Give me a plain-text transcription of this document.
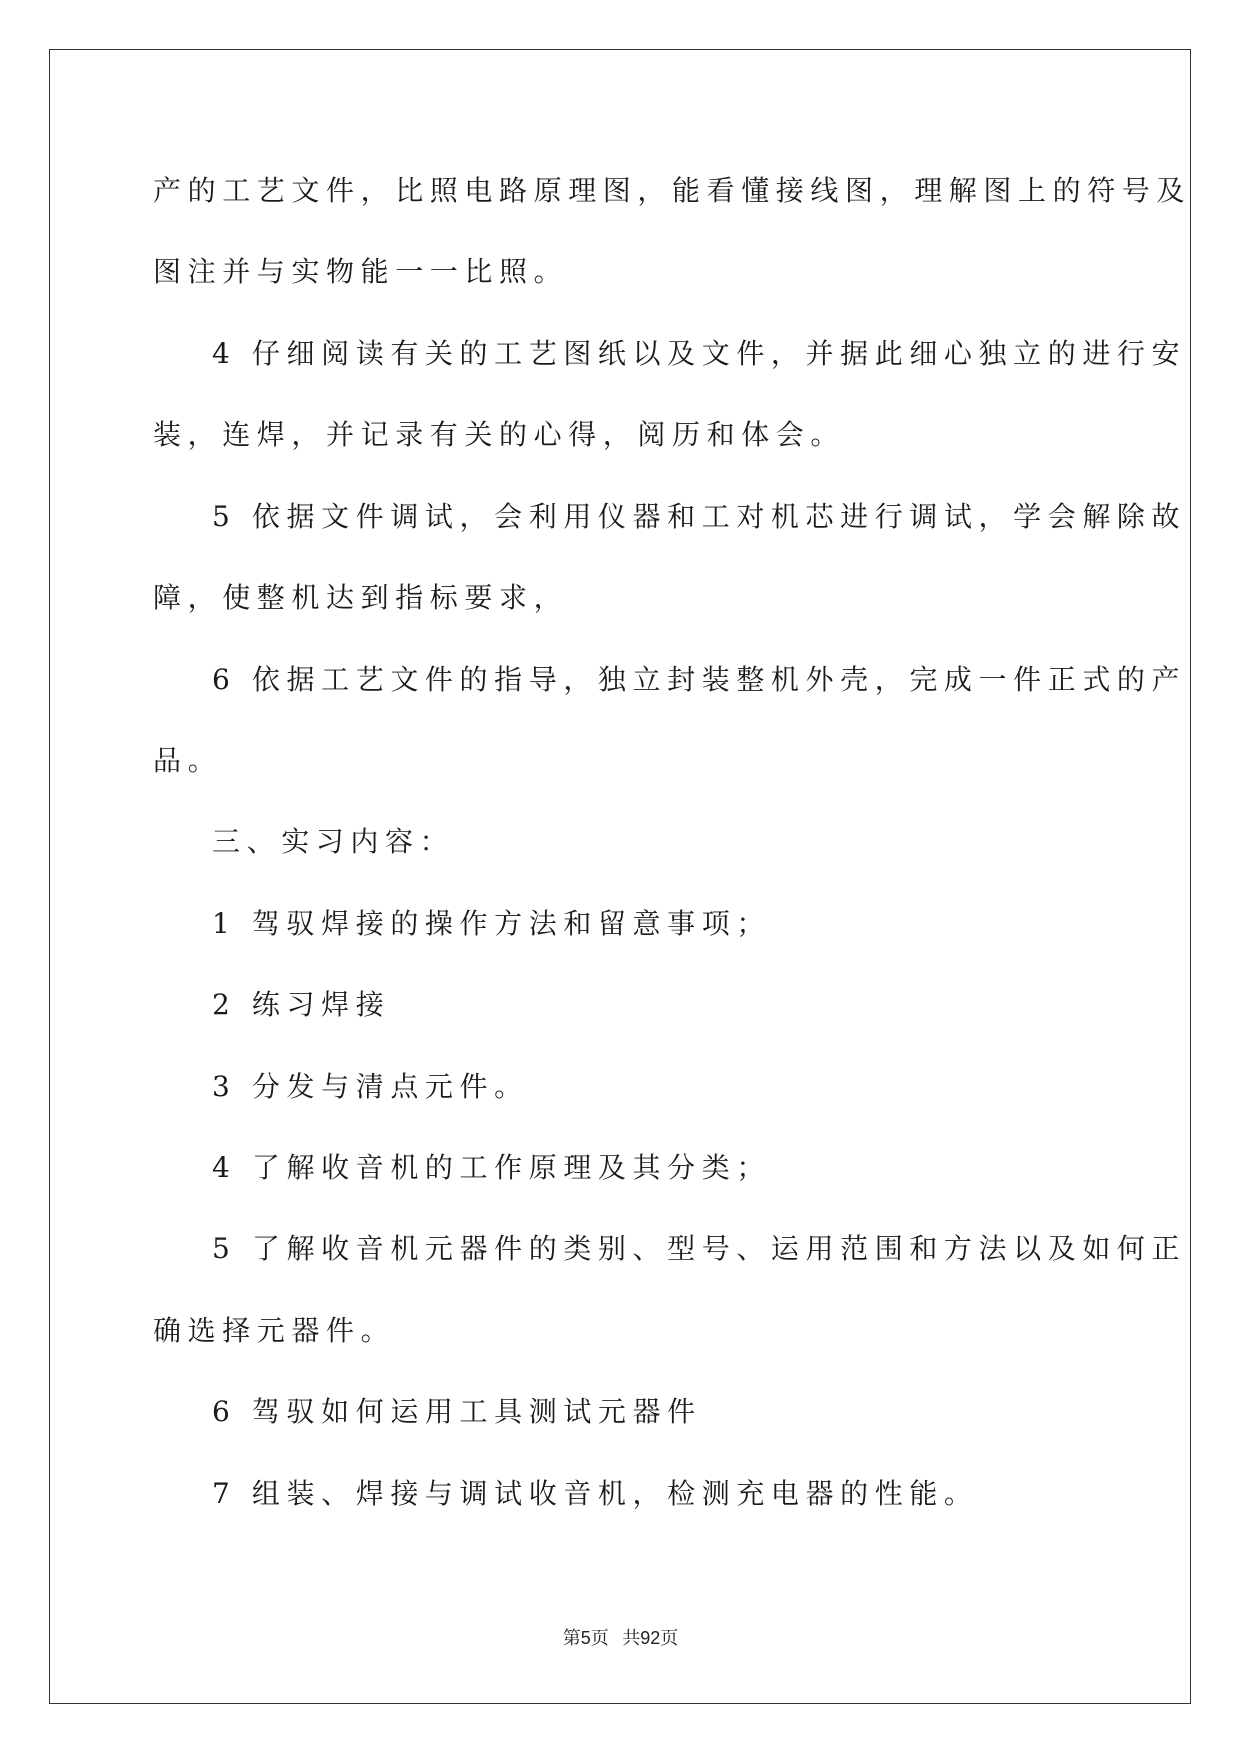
产的工艺文件，比照电路原理图，能看懂接线图，理解图上的符号及

图注并与实物能一一比照。

4 仔细阅读有关的工艺图纸以及文件，并据此细心独立的进行安

装，连焊，并记录有关的心得，阅历和体会。

5 依据文件调试，会利用仪器和工对机芯进行调试，学会解除故

障，使整机达到指标要求，

6 依据工艺文件的指导，独立封装整机外壳，完成一件正式的产

品。

三、实习内容：

1 驾驭焊接的操作方法和留意事项；

2 练习焊接

3 分发与清点元件。

4 了解收音机的工作原理及其分类；

5 了解收音机元器件的类别、型号、运用范围和方法以及如何正

确选择元器件。

6 驾驭如何运用工具测试元器件

7 组装、焊接与调试收音机，检测充电器的性能。

第5页 共92页
